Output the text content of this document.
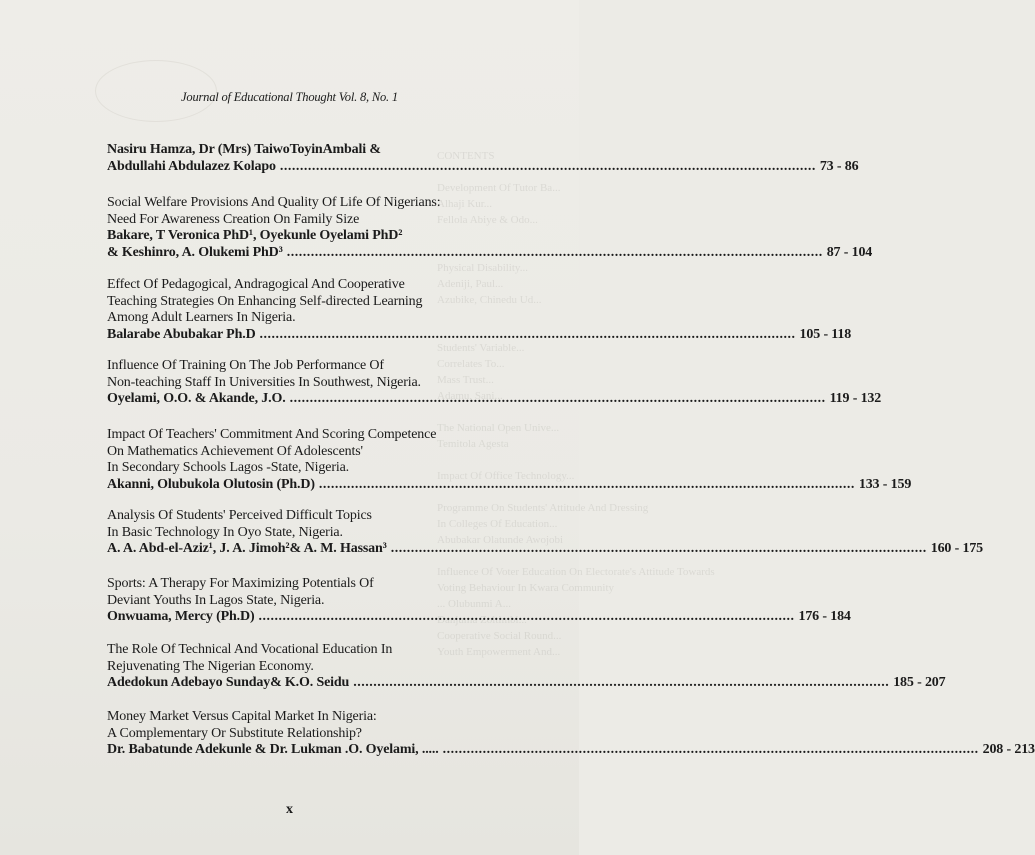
CONTENTS

Development Of Tutor Ba...
Alhaji Kur...
Fellola Abiye & Odo...

Physical Disability...
Adeniji, Paul...
Azubike, Chinedu Ud...

Students' Variable...
Correlates To...
Mass Trust...
Adamu, Sani...

The National Open Unive...
Temitola Agesta

Impact Of Office Technology...

Programme On Students' Attitude And Dressing
In Colleges Of Education...
Abubakar Olatunde Awojobi

Influence Of Voter Education On Electorate's Attitude Towards
Voting Behaviour In Kwara Community
... Olubunmi A...
Danjuma Zoltimbi...
Cooperative Social Round...
Youth Empowerment And...
Journal of Educational Thought Vol. 8, No. 1
Nasiru Hamza, Dr (Mrs) TaiwoToyinAmbali &
Abdullahi Abdulazez Kolapo .....	73 - 86
Social Welfare Provisions And Quality Of Life Of Nigerians:
Need For Awareness Creation On Family Size
Bakare, T Veronica PhD¹, Oyekunle Oyelami PhD²
& Keshinro, A. Olukemi PhD³ .....	87 - 104
Effect Of Pedagogical, Andragogical And Cooperative
Teaching Strategies On Enhancing Self-directed Learning
Among Adult Learners In Nigeria.
Balarabe Abubakar Ph.D .....	105 - 118
Influence Of Training On The Job Performance Of
Non-teaching Staff In Universities In Southwest, Nigeria.
Oyelami, O.O. & Akande, J.O. .....	119 - 132
Impact Of Teachers' Commitment And Scoring Competence
On Mathematics Achievement Of Adolescents'
In Secondary Schools Lagos -State, Nigeria.
Akanni, Olubukola Olutosin (Ph.D) .....	133 - 159
Analysis Of Students' Perceived Difficult Topics
In Basic Technology In Oyo State, Nigeria.
A. A. Abd-el-Aziz¹, J. A. Jimoh²& A. M. Hassan³ .....	160 - 175
Sports: A Therapy For Maximizing Potentials Of
Deviant Youths In Lagos State, Nigeria.
Onwuama, Mercy (Ph.D) .....	176 - 184
The Role Of Technical And Vocational Education In
Rejuvenating The Nigerian Economy.
Adedokun Adebayo Sunday& K.O. Seidu .....	185 - 207
Money Market Versus Capital Market In Nigeria:
A Complementary Or Substitute Relationship?
Dr. Babatunde Adekunle & Dr. Lukman .O. Oyelami, ..... .....	208 - 213
x
